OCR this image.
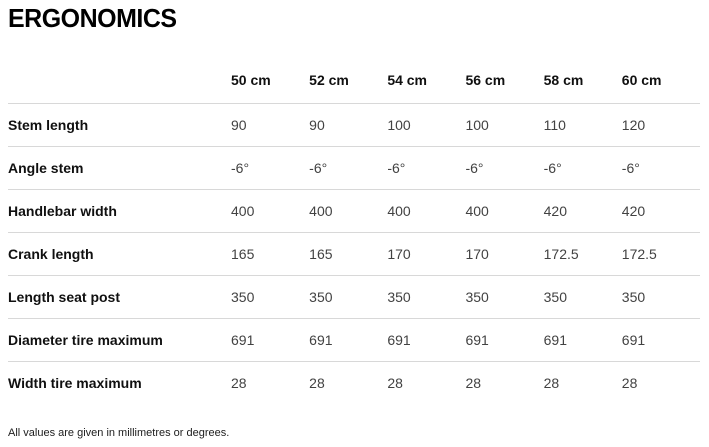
ERGONOMICS
	50 cm	52 cm	54 cm	56 cm	58 cm	60 cm
Stem length	90	90	100	100	110	120
Angle stem	-6°	-6°	-6°	-6°	-6°	-6°
Handlebar width	400	400	400	400	420	420
Crank length	165	165	170	170	172.5	172.5
Length seat post	350	350	350	350	350	350
Diameter tire maximum	691	691	691	691	691	691
Width tire maximum	28	28	28	28	28	28
All values are given in millimetres or degrees.
